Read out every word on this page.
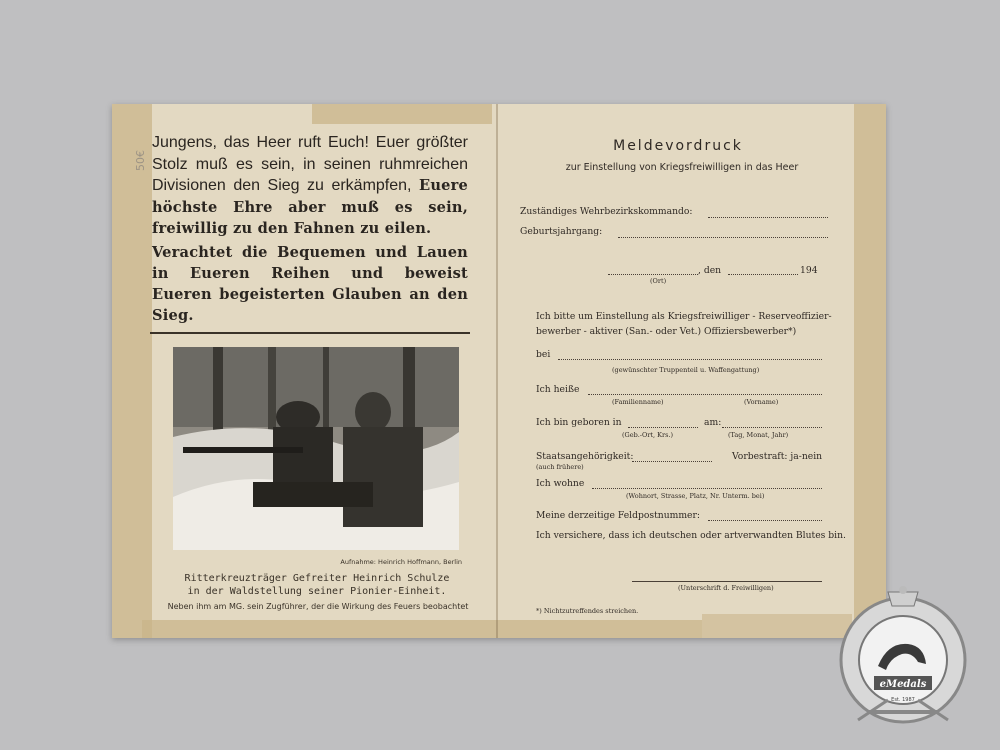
50€
Jungens, das Heer ruft Euch! Euer größter Stolz muß es sein, in seinen ruhmreichen Divisionen den Sieg zu erkämpfen, Euere höchste Ehre aber muß es sein, freiwillig zu den Fahnen zu eilen.
Verachtet die Bequemen und Lauen in Eueren Reihen und beweist Eueren begeisterten Glauben an den Sieg.
Aufnahme: Heinrich Hoffmann, Berlin
Ritterkreuzträger Gefreiter Heinrich Schulze
in der Waldstellung seiner Pionier-Einheit.
Neben ihm am MG. sein Zugführer, der die Wirkung des Feuers beobachtet
Meldevordruck
zur Einstellung von Kriegsfreiwilligen in das Heer
Zuständiges Wehrbezirkskommando:
Geburtsjahrgang:
, den	194
(Ort)
Ich bitte um Einstellung als Kriegsfreiwilliger - Reserveoffizier-
bewerber - aktiver (San.- oder Vet.) Offiziersbewerber*)
bei
(gewünschter Truppenteil u. Waffengattung)
Ich heiße
(Familienname)	(Vorname)
Ich bin geboren in	am:
(Geb.-Ort, Krs.)	(Tag, Monat, Jahr)
Staatsangehörigkeit:	Vorbestraft: ja-nein
(auch frühere)
Ich wohne
(Wohnort, Strasse, Platz, Nr. Unterm. bei)
Meine derzeitige Feldpostnummer:
Ich versichere, dass ich deutschen oder artverwandten Blutes bin.
(Unterschrift d. Freiwilligen)
*) Nichtzutreffendes streichen.
eMedals
Est. 1987
